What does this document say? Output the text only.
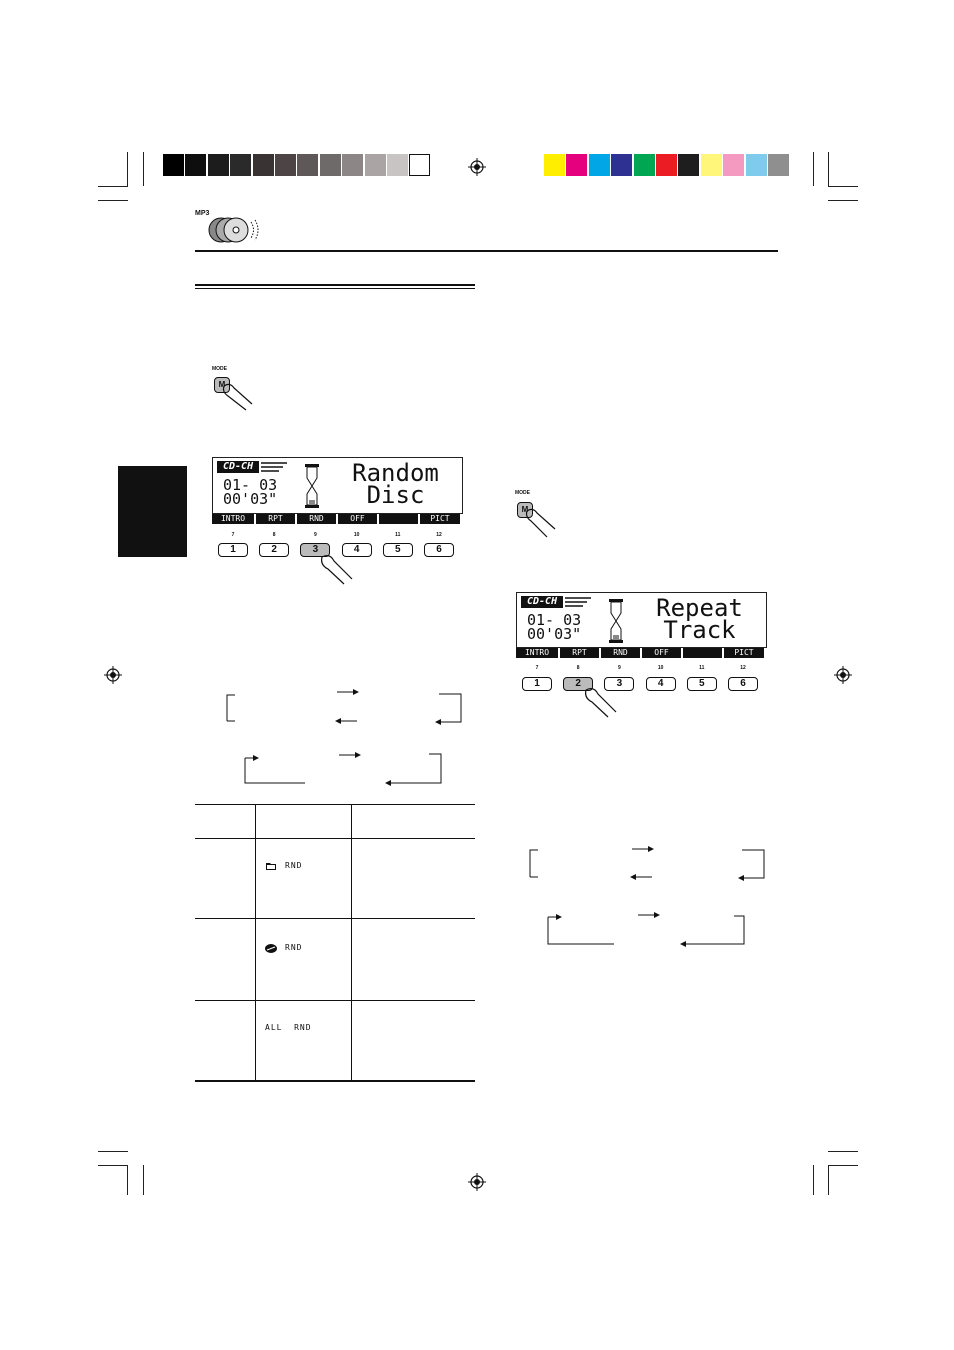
MP3
MODE
M
CD-CH
01- 03
00'03"
Random
Disc
INTRO	RPT	RND	OFF	PICT
7	8	9	10	11	12
1	2	3	4	5	6
RND
RND
ALL  RND
MODE
M
CD-CH
01- 03
00'03"
Repeat
Track
INTRO	RPT	RND	OFF	PICT
7	8	9	10	11	12
1	2	3	4	5	6
